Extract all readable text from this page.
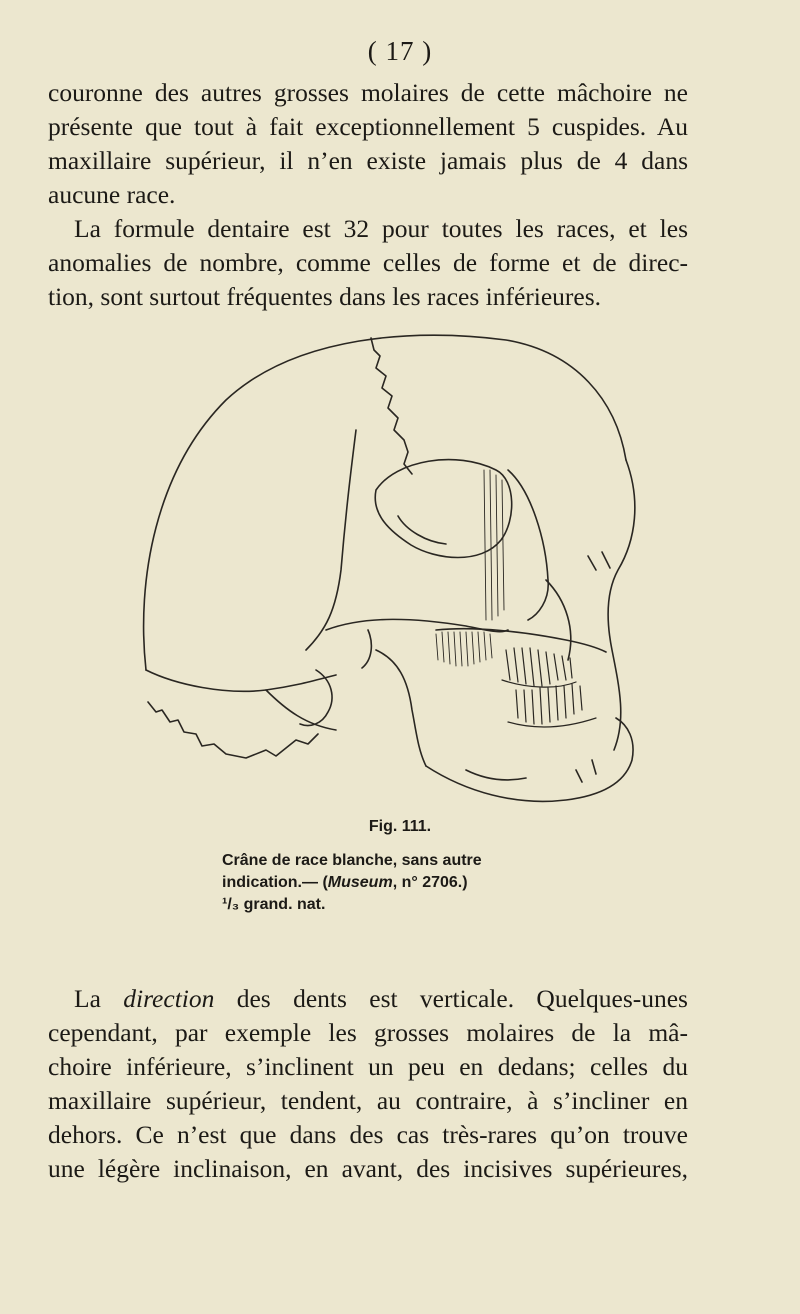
( 17 )
couronne des autres grosses molaires de cette mâchoire ne
présente que tout à fait exceptionnellement 5 cuspides. Au
maxillaire supérieur, il n’en existe jamais plus de 4 dans
aucune race.
La formule dentaire est 32 pour toutes les races, et les
anomalies de nombre, comme celles de forme et de direc-
tion, sont surtout fréquentes dans les races inférieures.
Fig. 111.
Crâne de race blanche, sans autre
indication.— (Museum, n° 2706.)
¹/₃ grand. nat.
La direction des dents est verticale. Quelques-unes
cependant, par exemple les grosses molaires de la mâ-
choire inférieure, s’inclinent un peu en dedans; celles du
maxillaire supérieur, tendent, au contraire, à s’incliner en
dehors. Ce n’est que dans des cas très-rares qu’on trouve
une légère inclinaison, en avant, des incisives supérieures,
